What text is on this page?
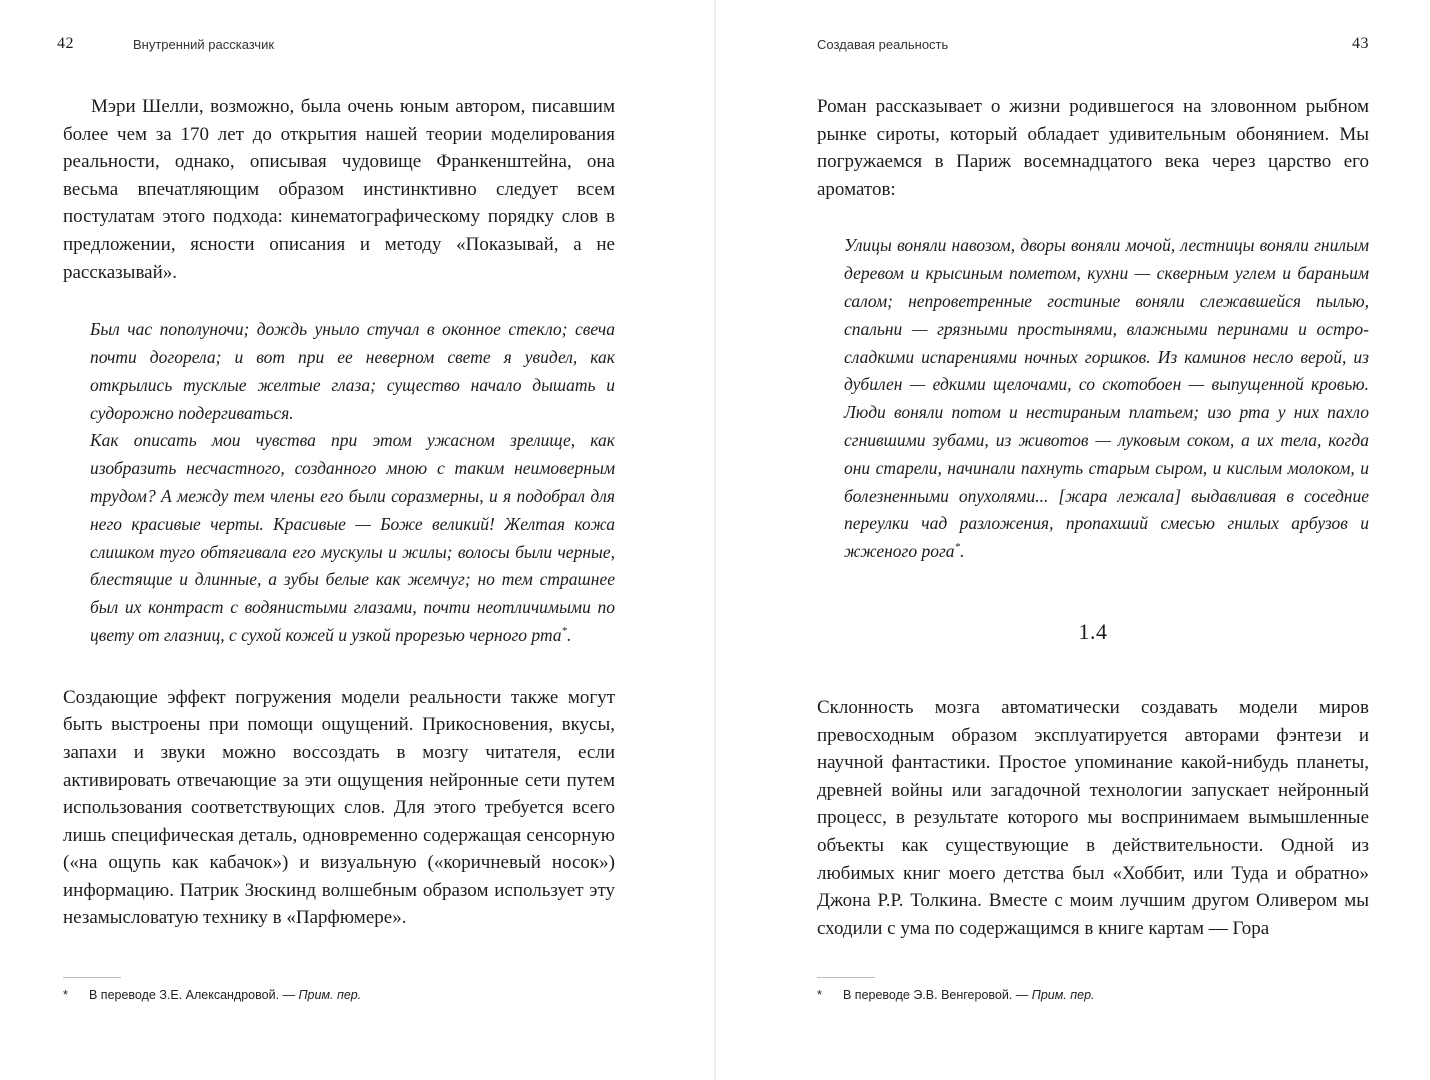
42	Внутренний рассказчик

Мэри Шелли, возможно, была очень юным автором, писавшим более чем за 170 лет до открытия нашей теории моделирования реальности, однако, описывая чудовище Франкенштейна, она весьма впечатляющим образом инстинктивно следует всем постулатам этого подхода: кинематографическому порядку слов в предложении, ясности описания и методу «Показывай, а не рассказывай».

Был час пополуночи; дождь уныло стучал в оконное стекло; свеча почти догорела; и вот при ее неверном свете я увидел, как открылись тусклые желтые глаза; существо начало дышать и судорожно подергиваться.

Как описать мои чувства при этом ужасном зрелище, как изобразить несчастного, созданного мною с таким неимоверным трудом? А между тем члены его были соразмерны, и я подобрал для него красивые черты. Красивые — Боже великий! Желтая кожа слишком туго обтягивала его мускулы и жилы; волосы были черные, блестящие и длинные, а зубы белые как жемчуг; но тем страшнее был их контраст с водянистыми глазами, почти неотличимыми по цвету от глазниц, с сухой кожей и узкой прорезью черного рта*.

Создающие эффект погружения модели реальности также могут быть выстроены при помощи ощущений. Прикосновения, вкусы, запахи и звуки можно воссоздать в мозгу читателя, если активировать отвечающие за эти ощущения нейронные сети путем использования соответствующих слов. Для этого требуется всего лишь специфическая деталь, одновременно содержащая сенсорную («на ощупь как кабачок») и визуальную («коричневый носок») информацию. Патрик Зюскинд волшебным образом использует эту незамысловатую технику в «Парфюмере».

* В переводе З.Е. Александровой. — Прим. пер.
Создавая реальность	43

Роман рассказывает о жизни родившегося на зловонном рыбном рынке сироты, который обладает удивительным обонянием. Мы погружаемся в Париж восемнадцатого века через царство его ароматов:

Улицы воняли навозом, дворы воняли мочой, лестницы воняли гнилым деревом и крысиным пометом, кухни — скверным углем и бараньим салом; непроветренные гостиные воняли слежавшейся пылью, спальни — грязными простынями, влажными перинами и остро-сладкими испарениями ночных горшков. Из каминов несло верой, из дубилен — едкими щелочами, со скотобоен — выпущенной кровью. Люди воняли потом и нестираным платьем; изо рта у них пахло сгнившими зубами, из животов — луковым соком, а их тела, когда они старели, начинали пахнуть старым сыром, и кислым молоком, и болезненными опухолями... [жара лежала] выдавливая в соседние переулки чад разложения, пропахший смесью гнилых арбузов и жженого рога*.

1.4

Склонность мозга автоматически создавать модели миров превосходным образом эксплуатируется авторами фэнтези и научной фантастики. Простое упоминание какой-нибудь планеты, древней войны или загадочной технологии запускает нейронный процесс, в результате которого мы воспринимаем вымышленные объекты как существующие в действительности. Одной из любимых книг моего детства был «Хоббит, или Туда и обратно» Джона Р.Р. Толкина. Вместе с моим лучшим другом Оливером мы сходили с ума по содержащимся в книге картам — Гора

* В переводе Э.В. Венгеровой. — Прим. пер.
